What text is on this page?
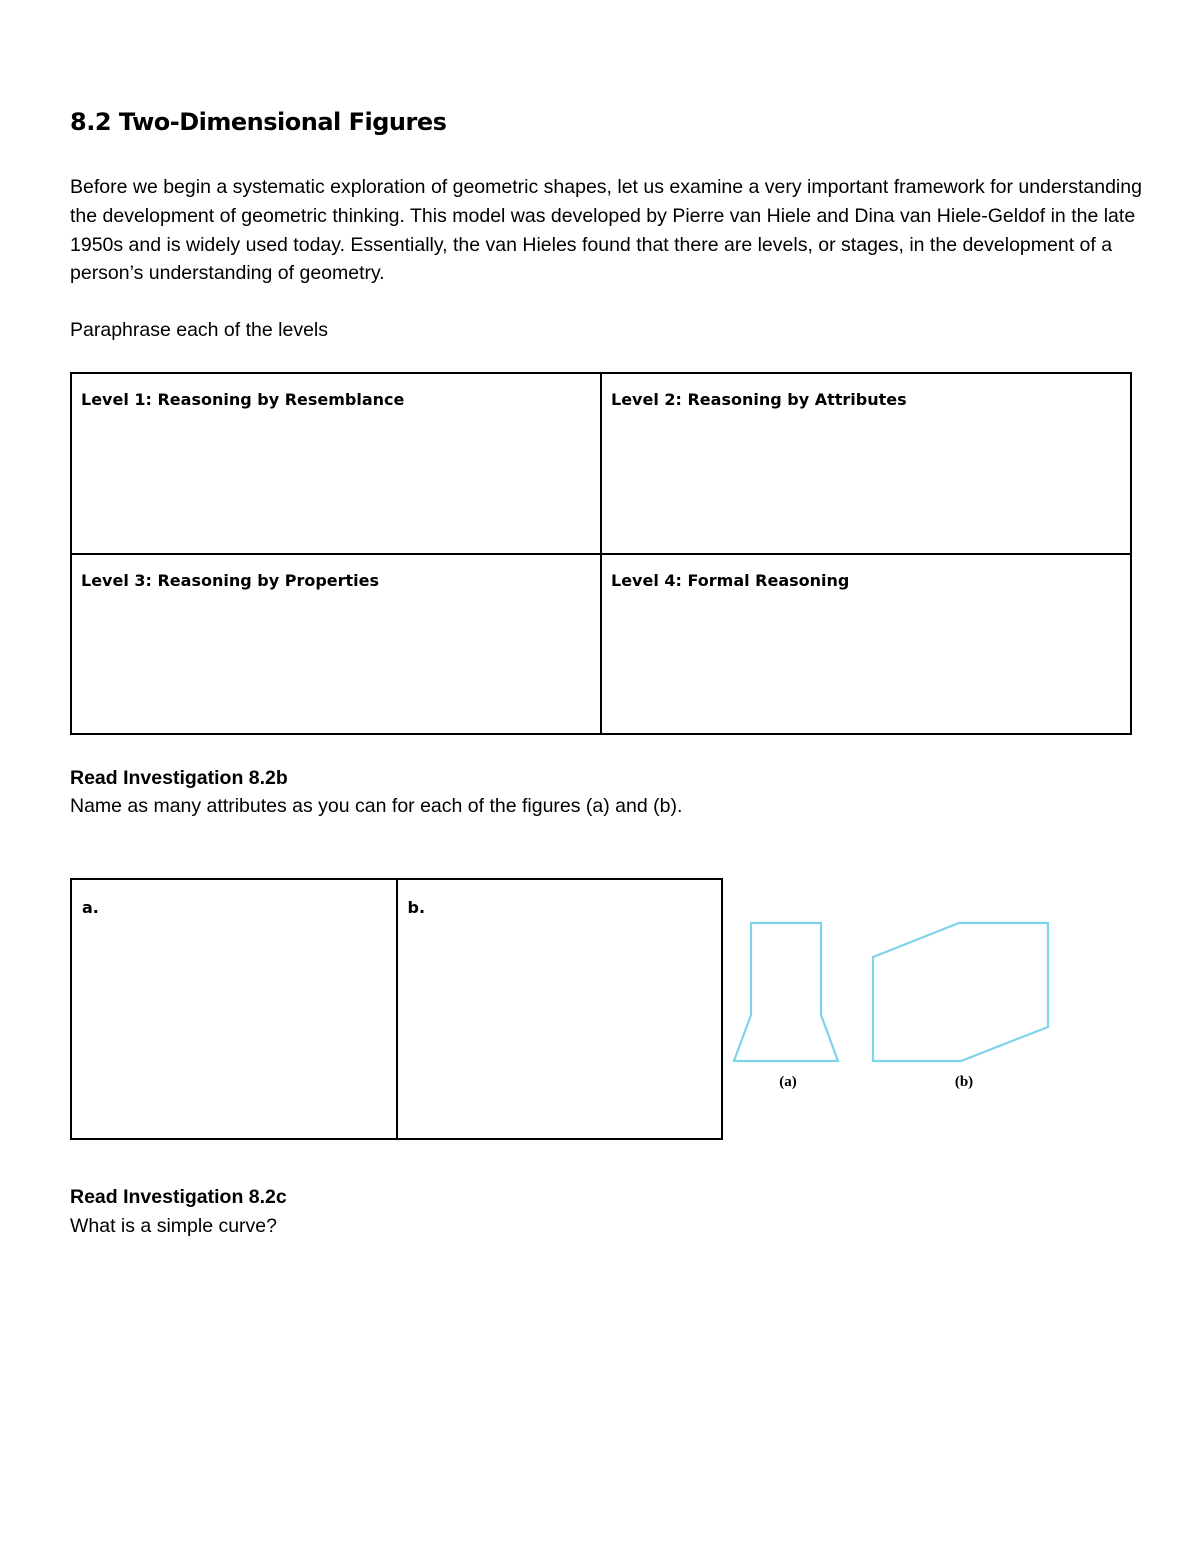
8.2 Two-Dimensional Figures

Before we begin a systematic exploration of geometric shapes, let us examine a very important framework for understanding the development of geometric thinking. This model was developed by Pierre van Hiele and Dina van Hiele-Geldof in the late 1950s and is widely used today. Essentially, the van Hieles found that there are levels, or stages, in the development of a person’s understanding of geometry.

Paraphrase each of the levels

Level 1: Reasoning by Resemblance	Level 2: Reasoning by Attributes
Level 3: Reasoning by Properties	Level 4: Formal Reasoning

Read Investigation 8.2b

Name as many attributes as you can for each of the figures (a) and (b).

a.	b.
(a)	(b)

Read Investigation 8.2c

What is a simple curve?
